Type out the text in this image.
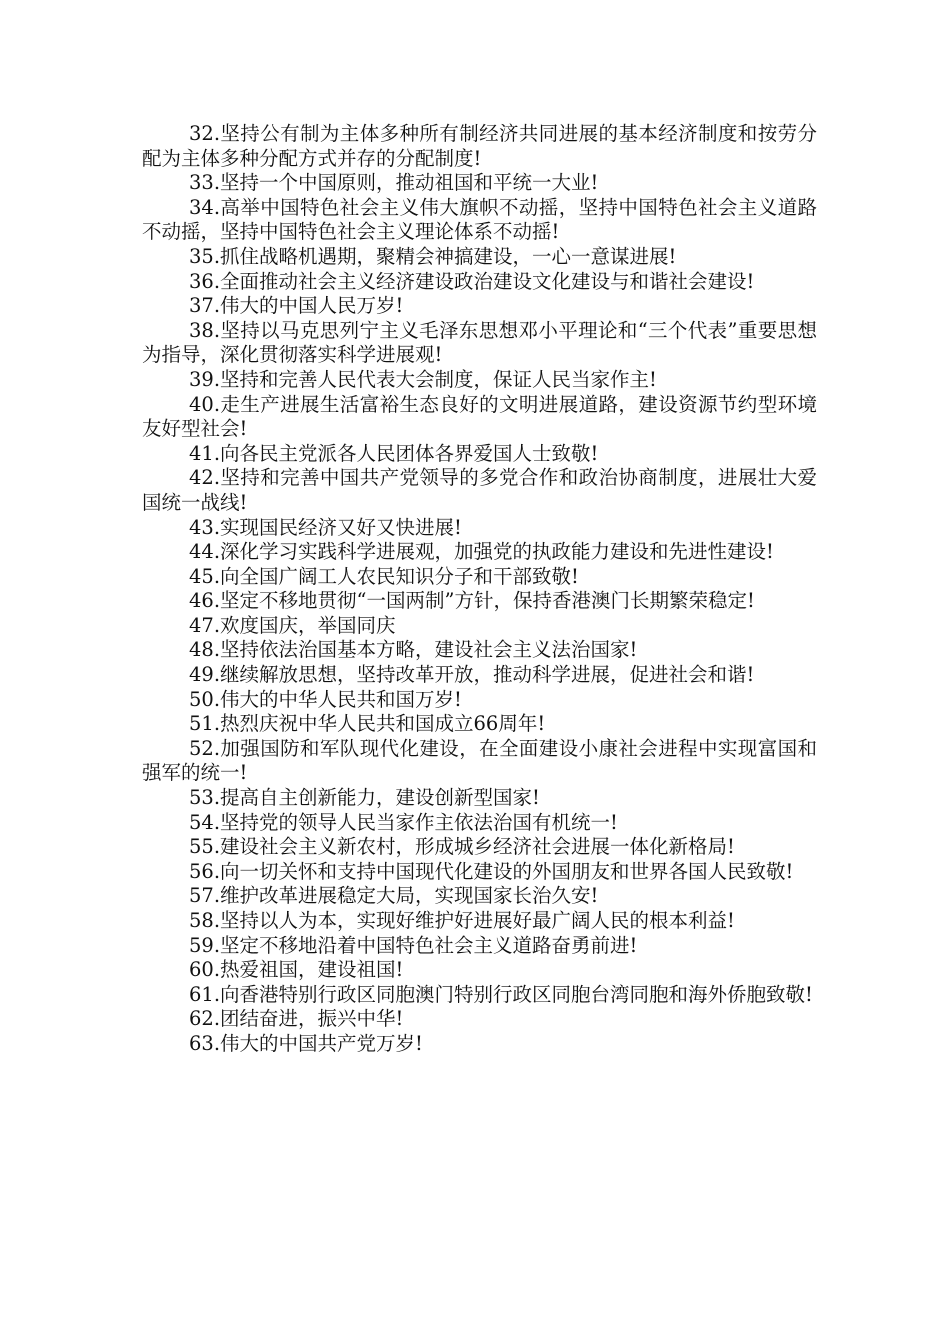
32.坚持公有制为主体多种所有制经济共同进展的基本经济制度和按劳分配为主体多种分配方式并存的分配制度!

33.坚持一个中国原则，推动祖国和平统一大业!

34.高举中国特色社会主义伟大旗帜不动摇，坚持中国特色社会主义道路不动摇，坚持中国特色社会主义理论体系不动摇!

35.抓住战略机遇期，聚精会神搞建设，一心一意谋进展!

36.全面推动社会主义经济建设政治建设文化建设与和谐社会建设!

37.伟大的中国人民万岁!

38.坚持以马克思列宁主义毛泽东思想邓小平理论和“三个代表”重要思想为指导，深化贯彻落实科学进展观!

39.坚持和完善人民代表大会制度，保证人民当家作主!

40.走生产进展生活富裕生态良好的文明进展道路，建设资源节约型环境友好型社会!

41.向各民主党派各人民团体各界爱国人士致敬!

42.坚持和完善中国共产党领导的多党合作和政治协商制度，进展壮大爱国统一战线!

43.实现国民经济又好又快进展!

44.深化学习实践科学进展观，加强党的执政能力建设和先进性建设!

45.向全国广阔工人农民知识分子和干部致敬!

46.坚定不移地贯彻“一国两制”方针，保持香港澳门长期繁荣稳定!

47.欢度国庆，举国同庆

48.坚持依法治国基本方略，建设社会主义法治国家!

49.继续解放思想，坚持改革开放，推动科学进展，促进社会和谐!

50.伟大的中华人民共和国万岁!

51.热烈庆祝中华人民共和国成立66周年!

52.加强国防和军队现代化建设，在全面建设小康社会进程中实现富国和强军的统一!

53.提高自主创新能力，建设创新型国家!

54.坚持党的领导人民当家作主依法治国有机统一!

55.建设社会主义新农村，形成城乡经济社会进展一体化新格局!

56.向一切关怀和支持中国现代化建设的外国朋友和世界各国人民致敬!

57.维护改革进展稳定大局，实现国家长治久安!

58.坚持以人为本，实现好维护好进展好最广阔人民的根本利益!

59.坚定不移地沿着中国特色社会主义道路奋勇前进!

60.热爱祖国，建设祖国!

61.向香港特别行政区同胞澳门特别行政区同胞台湾同胞和海外侨胞致敬!

62.团结奋进，振兴中华!

63.伟大的中国共产党万岁!
